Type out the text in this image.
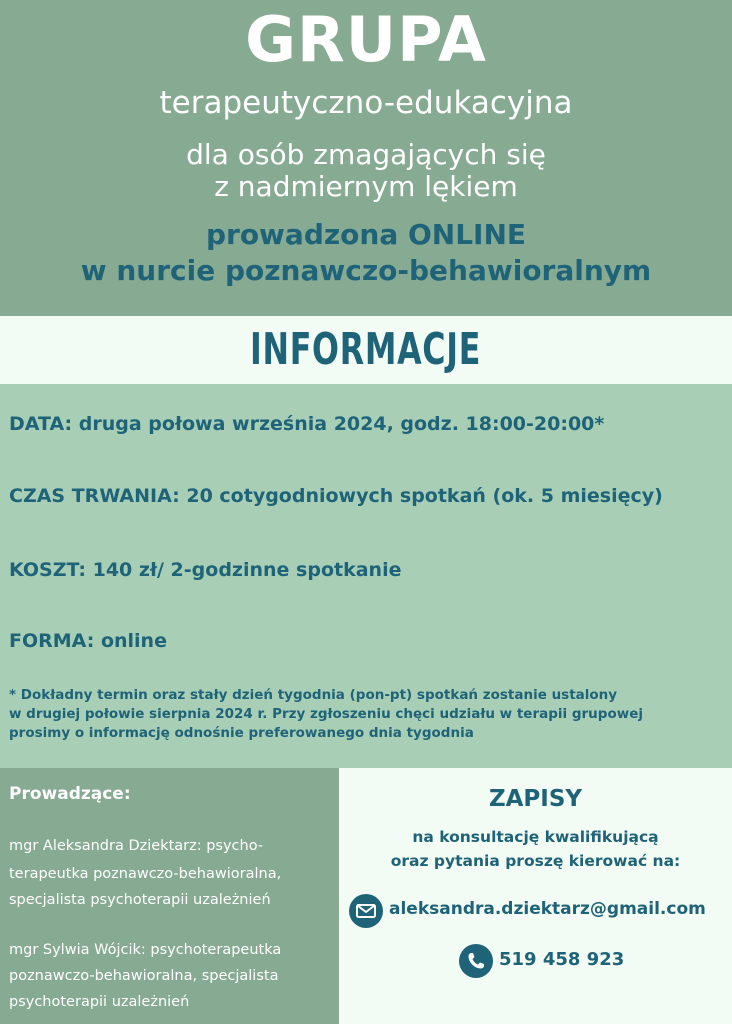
GRUPA
terapeutyczno-edukacyjna
dla osób zmagających się
z nadmiernym lękiem
prowadzona ONLINE
w nurcie poznawczo-behawioralnym
INFORMACJE
DATA: druga połowa września 2024, godz. 18:00-20:00*
CZAS TRWANIA: 20 cotygodniowych spotkań (ok. 5 miesięcy)
KOSZT: 140 zł/ 2-godzinne spotkanie
FORMA: online
* Dokładny termin oraz stały dzień tygodnia (pon-pt) spotkań zostanie ustalony
w drugiej połowie sierpnia 2024 r. Przy zgłoszeniu chęci udziału w terapii grupowej
prosimy o informację odnośnie preferowanego dnia tygodnia
Prowadzące:
mgr Aleksandra Dziektarz: psycho-
terapeutka poznawczo-behawioralna,
specjalista psychoterapii uzależnień
mgr Sylwia Wójcik: psychoterapeutka
poznawczo-behawioralna, specjalista
psychoterapii uzależnień
ZAPISY
na konsultację kwalifikującą
oraz pytania proszę kierować na:
aleksandra.dziektarz@gmail.com
519 458 923
